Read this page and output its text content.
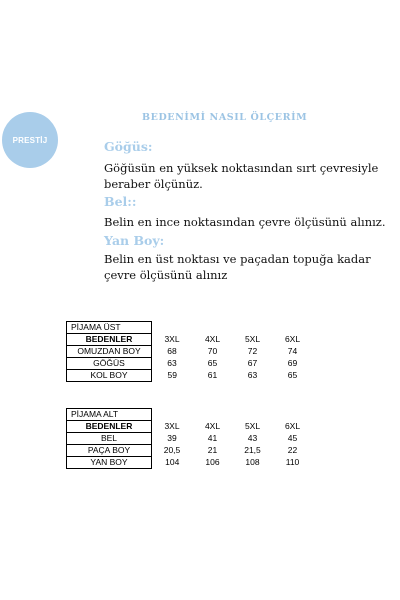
PRESTİJ
BEDENİMİ NASIL ÖLÇERİM
Göğüs:
Göğüsün en yüksek noktasından sırt çevresiyle beraber ölçünüz.
Bel::
Belin en ince noktasından çevre ölçüsünü alınız.
Yan Boy:
Belin en üst noktası ve paçadan topuğa kadar çevre ölçüsünü alınız
PİJAMA ÜST				
BEDENLER	3XL	4XL	5XL	6XL
OMUZDAN BOY	68	70	72	74
GÖĞÜS	63	65	67	69
KOL BOY	59	61	63	65
PİJAMA ALT				
BEDENLER	3XL	4XL	5XL	6XL
BEL	39	41	43	45
PAÇA BOY	20,5	21	21,5	22
YAN BOY	104	106	108	110
